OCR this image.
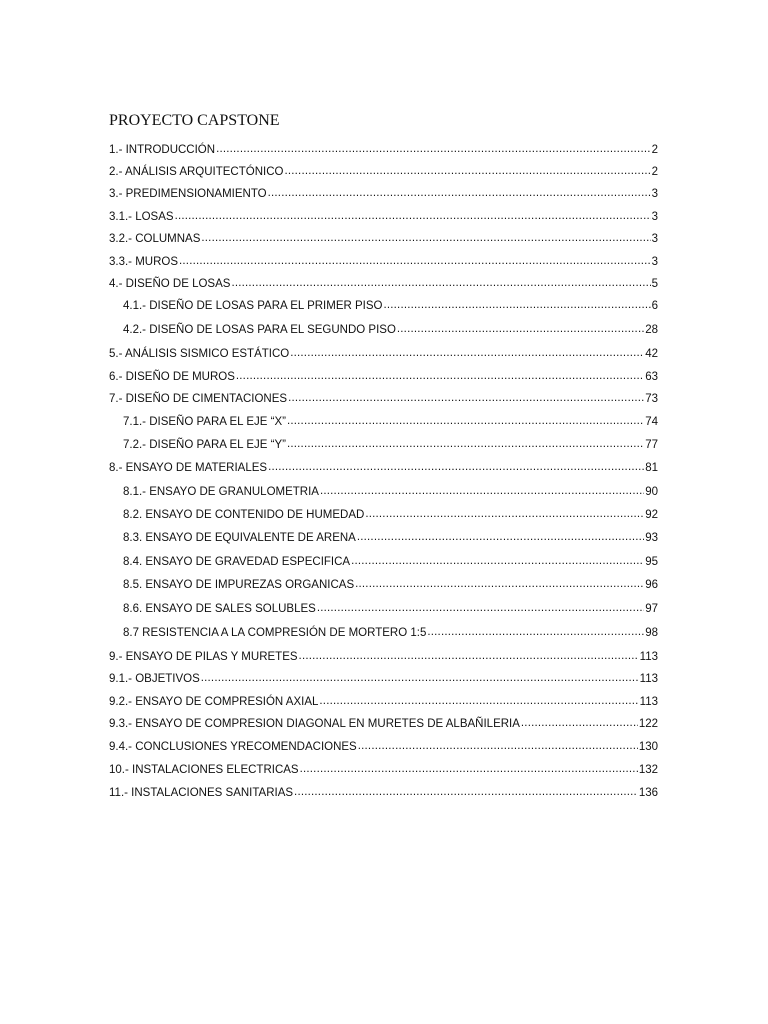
PROYECTO CAPSTONE
1.- INTRODUCCIÓN .....	2
2.- ANÁLISIS ARQUITECTÓNICO .....	2
3.- PREDIMENSIONAMIENTO .....	3
3.1.- LOSAS .....	3
3.2.- COLUMNAS .....	3
3.3.- MUROS .....	3
4.- DISEÑO DE LOSAS .....	5
4.1.- DISEÑO DE LOSAS PARA EL PRIMER PISO .....	6
4.2.- DISEÑO DE LOSAS PARA EL SEGUNDO PISO .....	28
5.- ANÁLISIS SISMICO ESTÁTICO .....	42
6.- DISEÑO DE MUROS .....	63
7.- DISEÑO DE CIMENTACIONES .....	73
7.1.- DISEÑO PARA EL EJE “X” .....	74
7.2.- DISEÑO PARA EL EJE “Y” .....	77
8.- ENSAYO DE MATERIALES .....	81
8.1.- ENSAYO DE GRANULOMETRIA .....	90
8.2. ENSAYO DE CONTENIDO DE HUMEDAD .....	92
8.3. ENSAYO DE EQUIVALENTE DE ARENA .....	93
8.4. ENSAYO DE GRAVEDAD ESPECIFICA .....	95
8.5. ENSAYO DE IMPUREZAS ORGANICAS .....	96
8.6. ENSAYO DE SALES SOLUBLES .....	97
8.7 RESISTENCIA A LA COMPRESIÓN DE MORTERO 1:5 .....	98
9.- ENSAYO DE PILAS Y MURETES .....	113
9.1.- OBJETIVOS .....	113
9.2.- ENSAYO DE COMPRESIÓN AXIAL .....	113
9.3.- ENSAYO DE COMPRESION DIAGONAL EN MURETES DE ALBAÑILERIA .....	122
9.4.- CONCLUSIONES YRECOMENDACIONES .....	130
10.- INSTALACIONES ELECTRICAS .....	132
11.- INSTALACIONES SANITARIAS .....	136
